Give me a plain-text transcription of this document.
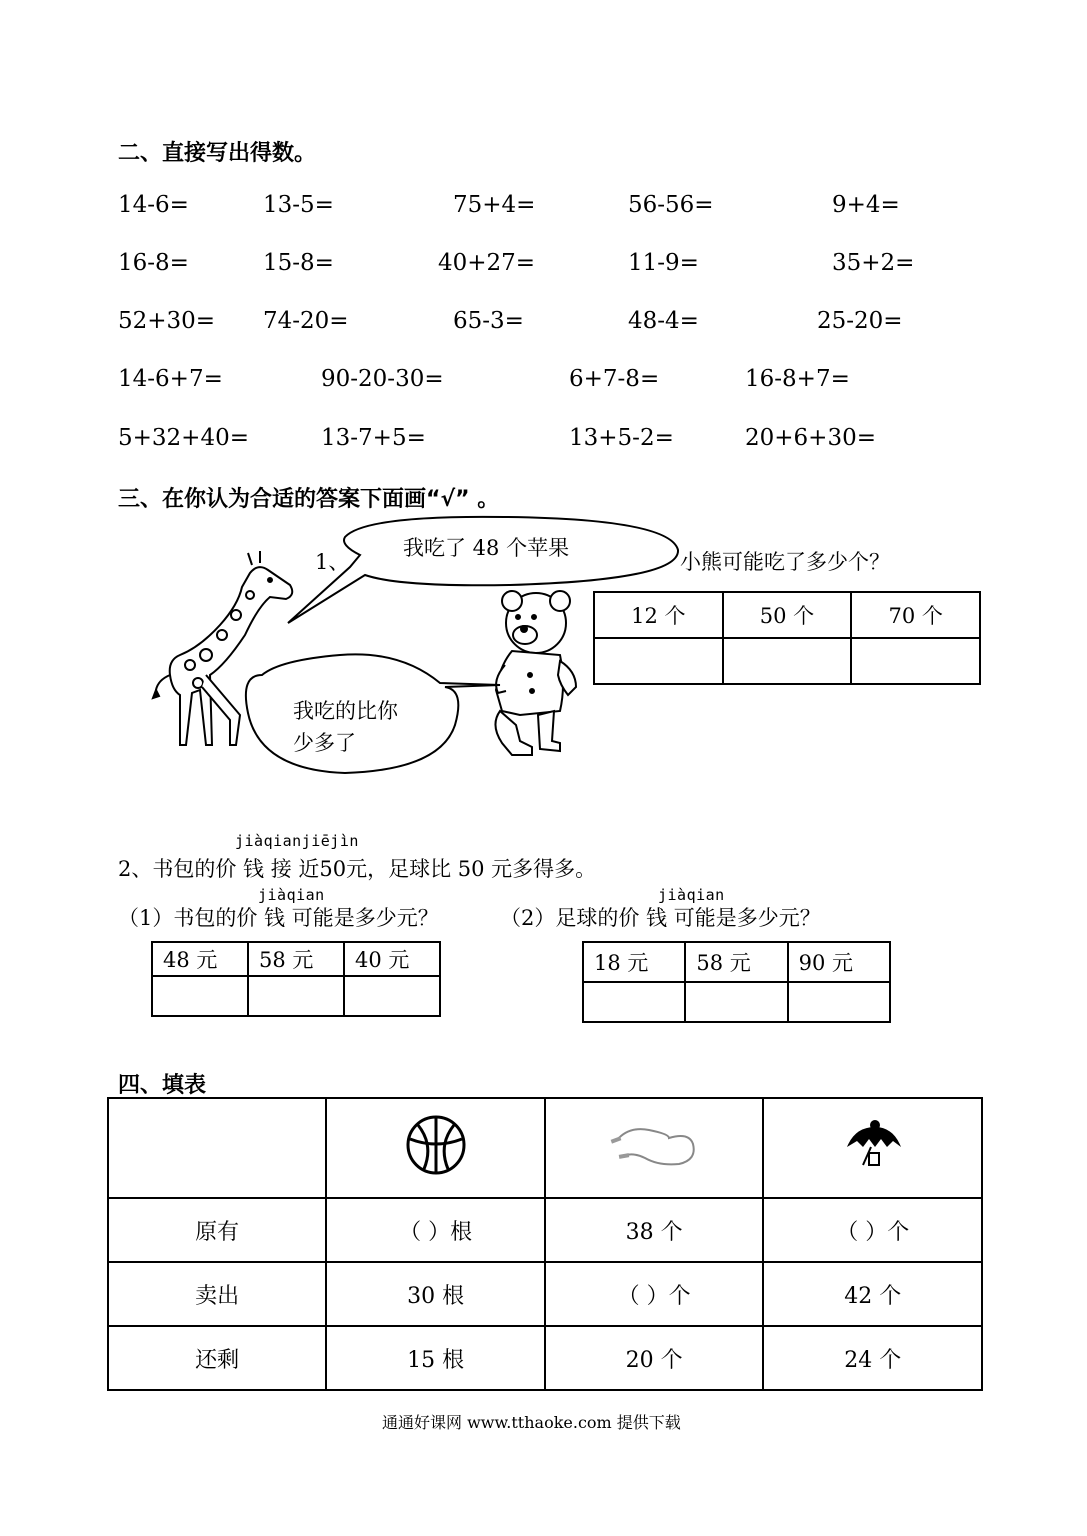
二、直接写出得数。
14-6=	13-5=	75+4=	56-56=	9+4=
16-8=	15-8=	40+27=	11-9=	35+2=
52+30= 74-20=	65-3=	48-4=	25-20=
14-6+7=	90-20-30=	6+7-8=	16-8+7=
5+32+40=	13-7+5=	13+5-2=	20+6+30=
三、在你认为合适的答案下面画“√” 。
1、
我吃了 48 个苹果
小熊可能吃了多少个？
我吃的比你
少多了
12 个	50 个	70 个

jiàqianjiējìn
2、书包的价 钱 接 近50元，足球比 50 元多得多。
jiàqian
（1）书包的价 钱 可能是多少元？
jiàqian
（2）足球的价 钱 可能是多少元？
48 元	58 元	40 元
			18 元	58 元	90 元

四、填表

原有	（ ）根	38 个	（ ）个
卖出	30 根	（ ）个	42 个
还剩	15 根	20 个	24 个
通通好课网 www.tthaoke.com 提供下载
